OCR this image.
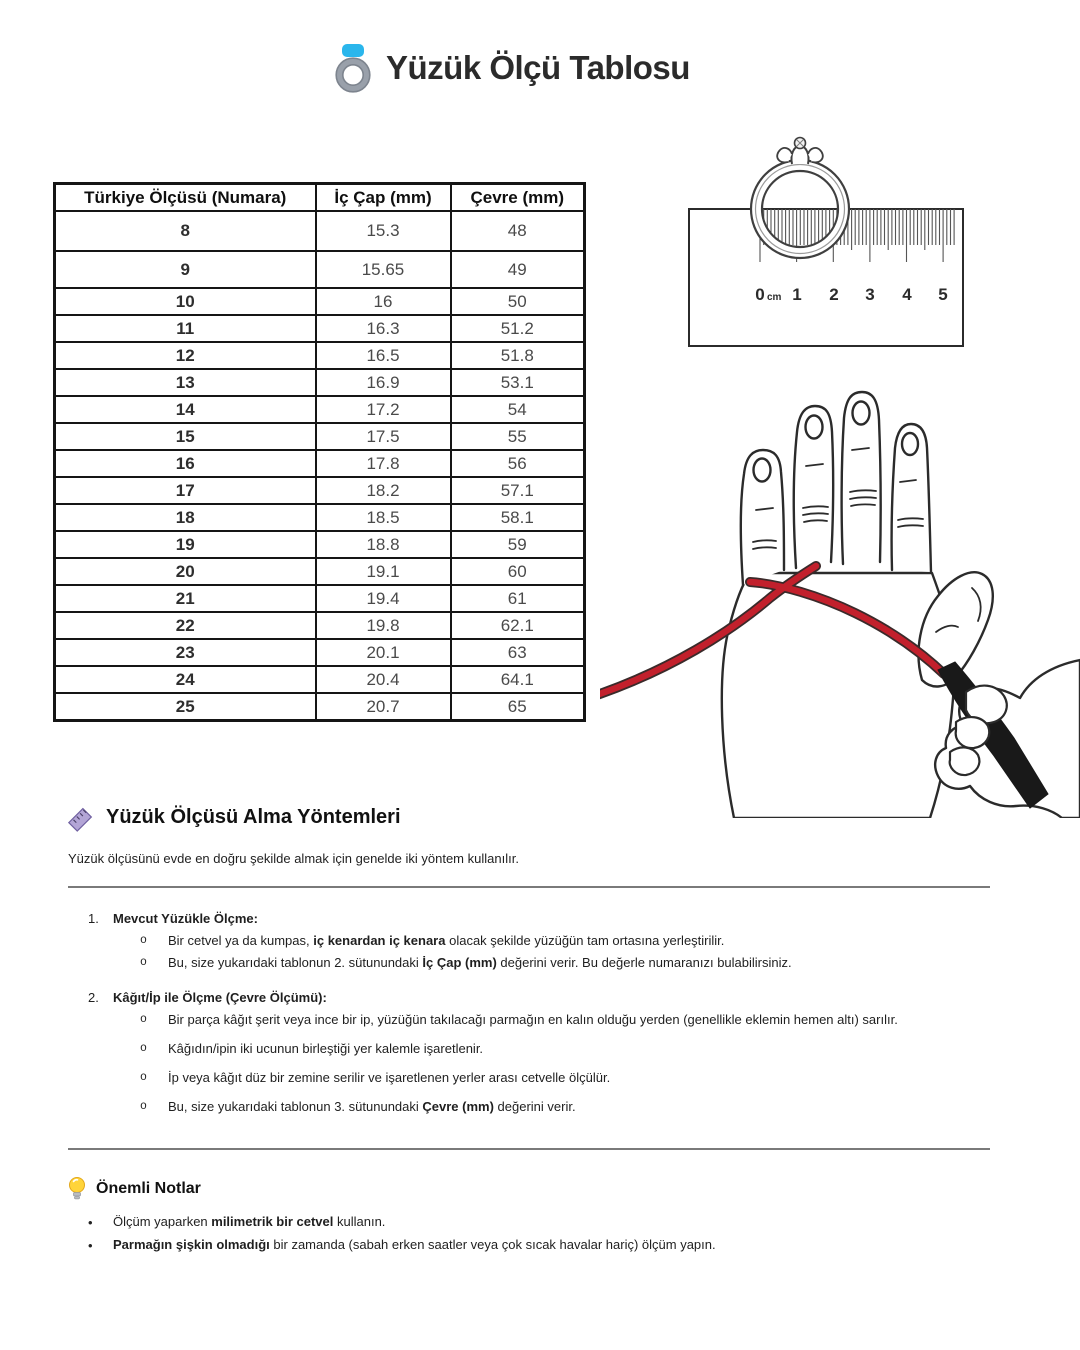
Yüzük Ölçü Tablosu
Türkiye Ölçüsü (Numara)	İç Çap (mm)	Çevre (mm)
8	15.3	48
9	15.65	49
10	16	50
11	16.3	51.2
12	16.5	51.8
13	16.9	53.1
14	17.2	54
15	17.5	55
16	17.8	56
17	18.2	57.1
18	18.5	58.1
19	18.8	59
20	19.1	60
21	19.4	61
22	19.8	62.1
23	20.1	63
24	20.4	64.1
25	20.7	65
0 cm 1 2 3 4 5
Yüzük Ölçüsü Alma Yöntemleri
Yüzük ölçüsünü evde en doğru şekilde almak için genelde iki yöntem kullanılır.
1.	Mevcut Yüzükle Ölçme:
o	Bir cetvel ya da kumpas, iç kenardan iç kenara olacak şekilde yüzüğün tam ortasına yerleştirilir.
o	Bu, size yukarıdaki tablonun 2. sütunundaki İç Çap (mm) değerini verir. Bu değerle numaranızı bulabilirsiniz.
2.	Kâğıt/İp ile Ölçme (Çevre Ölçümü):
o	Bir parça kâğıt şerit veya ince bir ip, yüzüğün takılacağı parmağın en kalın olduğu yerden (genellikle eklemin hemen altı) sarılır.
o	Kâğıdın/ipin iki ucunun birleştiği yer kalemle işaretlenir.
o	İp veya kâğıt düz bir zemine serilir ve işaretlenen yerler arası cetvelle ölçülür.
o	Bu, size yukarıdaki tablonun 3. sütunundaki Çevre (mm) değerini verir.
Önemli Notlar
•	Ölçüm yaparken milimetrik bir cetvel kullanın.
•	Parmağın şişkin olmadığı bir zamanda (sabah erken saatler veya çok sıcak havalar hariç) ölçüm yapın.
